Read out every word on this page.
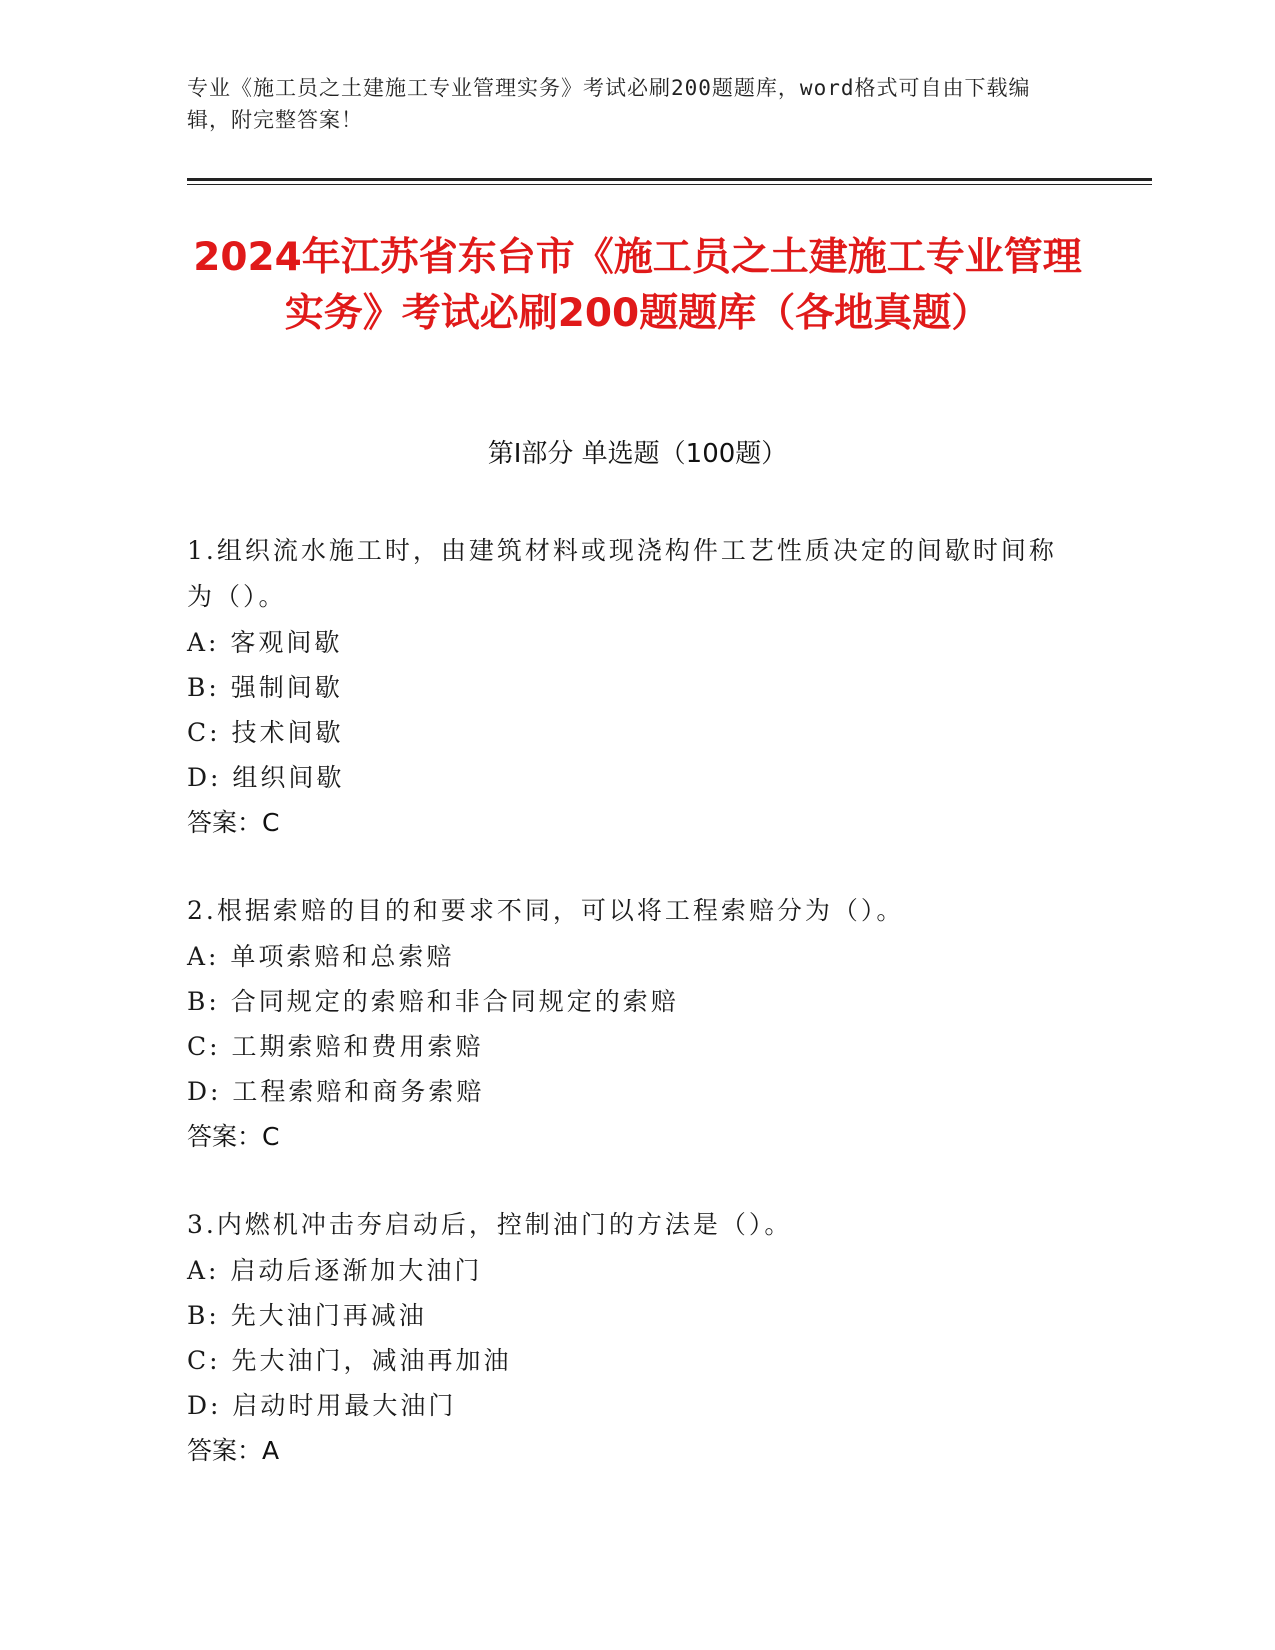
专业《施工员之土建施工专业管理实务》考试必刷200题题库，word格式可自由下载编辑，附完整答案！
2024年江苏省东台市《施工员之土建施工专业管理实务》考试必刷200题题库（各地真题）
第I部分 单选题（100题）
1.组织流水施工时，由建筑材料或现浇构件工艺性质决定的间歇时间称为（）。
A: 客观间歇
B: 强制间歇
C: 技术间歇
D: 组织间歇
答案：C
2.根据索赔的目的和要求不同，可以将工程索赔分为（）。
A: 单项索赔和总索赔
B: 合同规定的索赔和非合同规定的索赔
C: 工期索赔和费用索赔
D: 工程索赔和商务索赔
答案：C
3.内燃机冲击夯启动后，控制油门的方法是（）。
A: 启动后逐渐加大油门
B: 先大油门再减油
C: 先大油门，减油再加油
D: 启动时用最大油门
答案：A
